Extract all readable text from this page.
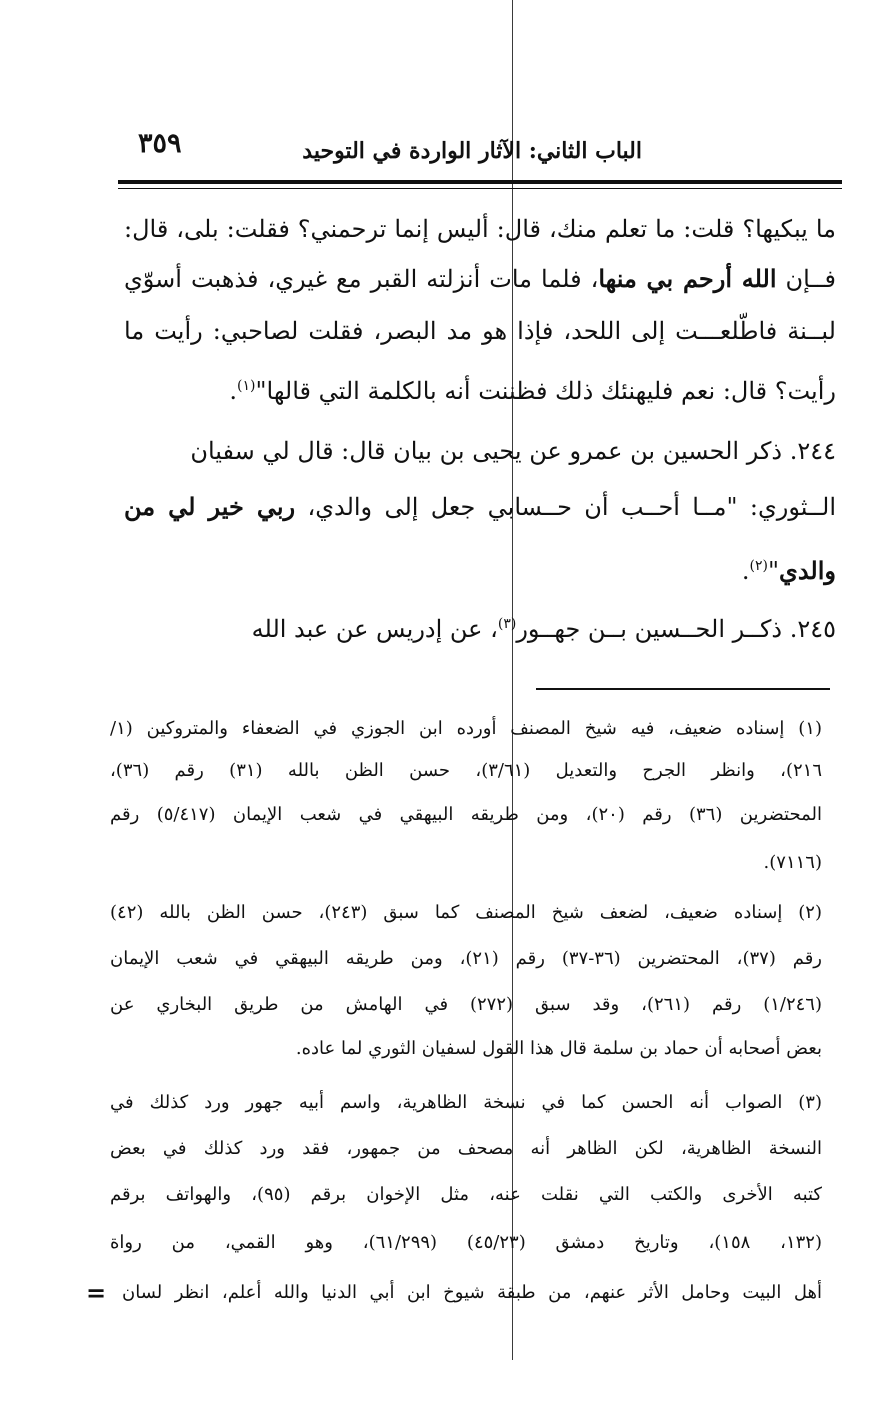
الباب الثاني: الآثار الواردة في التوحيد
٣٥٩
ما يبكيها؟ قلت: ما تعلم منك، قال: أليس إنما ترحمني؟ فقلت: بلى، قال:
فــإن الله أرحم بي منها، فلما مات أنزلته القبر مع غيري، فذهبت أسوّي
لبــنة فاطّلعـــت إلى اللحد، فإذا هو مد البصر، فقلت لصاحبي: رأيت ما
رأيت؟ قال: نعم فليهنئك ذلك فظننت أنه بالكلمة التي قالها"$^{(١)}$.
٢٤٤. ذكر الحسين بن عمرو عن يحيى بن بيان قال: قال لي سفيان
الــثوري: "مــا أحــب أن حــسابي جعل إلى والدي، ربي خير لي من
والدي"$^{(٢)}$.
٢٤٥. ذكــر الحــسين بــن جهــور$^{(٣)}$، عن إدريس عن عبد الله
(١) إسناده ضعيف، فيه شيخ المصنف أورده ابن الجوزي في الضعفاء والمتروكين (١/
٢١٦)، وانظر الجرح والتعديل (٣/٦١)، حسن الظن بالله (٣١) رقم (٣٦)،
المحتضرين (٣٦) رقم (٢٠)، ومن طريقه البيهقي في شعب الإيمان (٥/٤١٧) رقم
(٧١١٦).
(٢) إسناده ضعيف، لضعف شيخ المصنف كما سبق (٢٤٣)، حسن الظن بالله (٤٢)
رقم (٣٧)، المحتضرين (٣٦-٣٧) رقم (٢١)، ومن طريقه البيهقي في شعب الإيمان
(١/٢٤٦) رقم (٢٦١)، وقد سبق (٢٧٢) في الهامش من طريق البخاري عن
بعض أصحابه أن حماد بن سلمة قال هذا القول لسفيان الثوري لما عاده.
(٣) الصواب أنه الحسن كما في نسخة الظاهرية، واسم أبيه جهور ورد كذلك في
النسخة الظاهرية، لكن الظاهر أنه مصحف من جمهور، فقد ورد كذلك في بعض
كتبه الأخرى والكتب التي نقلت عنه، مثل الإخوان برقم (٩٥)، والهواتف برقم
(١٣٢، ١٥٨)، وتاريخ دمشق (٤٥/٢٣) (٦١/٢٩٩)، وهو القمي، من رواة
أهل البيت وحامل الأثر عنهم، من طبقة شيوخ ابن أبي الدنيا والله أعلم، انظر لسان
=
